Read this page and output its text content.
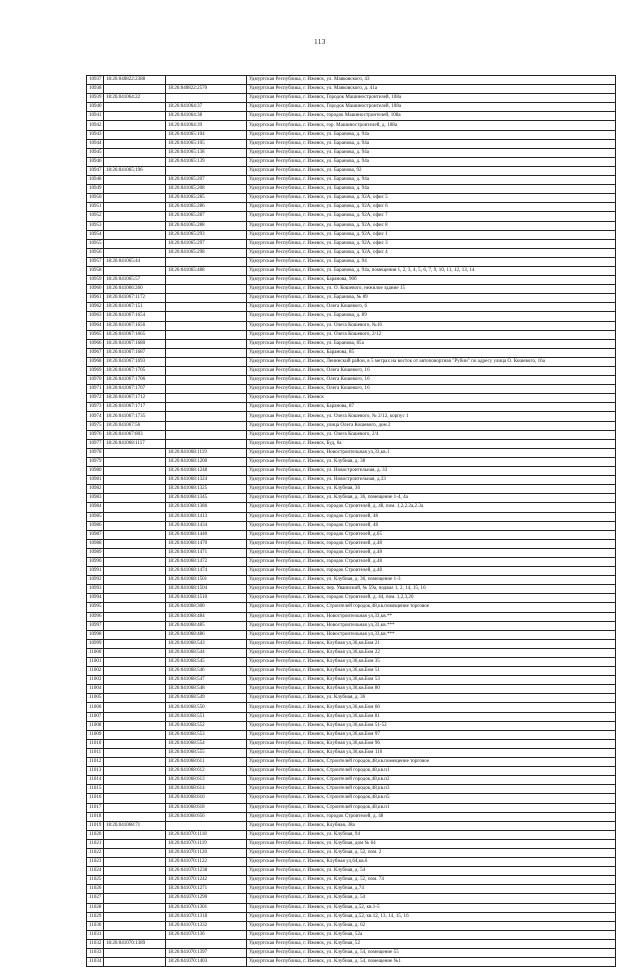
113
10937	18:26:040822:2388		Удмуртская Республика, г. Ижевск, ул. Маяковского, 43
10938		18:26:040822:2570	Удмуртская Республика, г. Ижевск, ул. Маяковского, д. 41а
10939	18:26:041064:22		Удмуртская Республика, г. Ижевск, Городок Машиностроителей, 108а
10940		18:26:041064:37	Удмуртская Республика, г. Ижевск, Городок Машиностроителей, 108а
10941		18:26:041064:38	Удмуртская Республика, г. Ижевск, городок Машиностроителей, 108а
10942		18:26:041064:39	Удмуртская Республика, г. Ижевск, гор. Машиностроителей, д. 108а
10943		18:26:041065:104	Удмуртская Республика, г. Ижевск, ул. Баранова, д. 94а
10944		18:26:041065:105	Удмуртская Республика, г. Ижевск, ул. Баранова, д. 94а
10945		18:26:041065:138	Удмуртская Республика, г. Ижевск, ул. Баранова, д. 94а
10946		18:26:041065:139	Удмуртская Республика, г. Ижевск, ул. Баранова, д. 94а
10947	18:26:041065:196		Удмуртская Республика, г. Ижевск, ул. Баранова, 92
10948		18:26:041065:207	Удмуртская Республика, г. Ижевск, ул. Баранова, д. 94а
10949		18:26:041065:208	Удмуртская Республика, г. Ижевск, ул. Баранова, д. 94а
10950		18:26:041065:285	Удмуртская Республика, г. Ижевск, ул. Баранова, д. 92А, офис 5
10951		18:26:041065:286	Удмуртская Республика, г. Ижевск, ул. Баранова, д. 92А, офис 6
10952		18:26:041065:287	Удмуртская Республика, г. Ижевск, ул. Баранова, д. 92А, офис 7
10953		18:26:041065:288	Удмуртская Республика, г. Ижевск, ул. Баранова, д. 92А, офис 8
10954		18:26:041065:293	Удмуртская Республика, г. Ижевск, ул. Баранова, д. 92А, офис 1
10955		18:26:041065:297	Удмуртская Республика, г. Ижевск, ул. Баранова, д. 92А, офис 3
10956		18:26:041065:298	Удмуртская Республика, г. Ижевск, ул. Баранова, д. 92А, офис 4
10957	18:26:041065:44		Удмуртская Республика, г. Ижевск, ул. Баранова, д. 94
10958		18:26:041065:488	Удмуртская Республика, г. Ижевск, ул. Баранова, д. 94а, помещения 1, 2, 3, 4, 5, 6, 7, 9, 10, 11, 12, 13, 14
10959	18:26:041065:57		Удмуртская Республика, г. Ижевск, Баранова, 90б
10960	18:26:041066:260		Удмуртская Республика, г. Ижевск, ул. О. Кошевого, нежилое здание 15
10961	18:26:041067:1172		Удмуртская Республика, г. Ижевск, ул. Баранова, № 89
10962	18:26:041067:151		Удмуртская Республика, г. Ижевск, Олега Кошевого, 6
10963	18:26:041067:1654		Удмуртская Республика, г. Ижевск, ул. Баранова, д. 89
10964	18:26:041067:1656		Удмуртская Республика, г. Ижевск, ул. Олега Кошевого, №16
10965	18:26:041067:1665		Удмуртская Республика, г. Ижевск, ул. Олега Кошевого, 2/12
10966	18:26:041067:1680		Удмуртская Республика, г. Ижевск, ул. Баранова, 85а
10967	18:26:041067:1687		Удмуртская Республика, г. Ижевск, Баранова, 85
10968	18:26:041067:1693		Удмуртская Республика, г. Ижевск, Ленинский район, в 5 метрах на восток от автоповортная "Рубин" по адресу улица О. Кошевого, 16а
10969	18:26:041067:1705		Удмуртская Республика, г. Ижевск, Олега Кошевого, 16
10970	18:26:041067:1706		Удмуртская Республика, г. Ижевск, Олега Кошевого, 16
10971	18:26:041067:1707		Удмуртская Республика, г. Ижевск, Олега Кошевого, 16
10972	18:26:041067:1712		Удмуртская Республика, г. Ижевск
10973	18:26:041067:1717		Удмуртская Республика, г. Ижевск, Баранова, 87
10974	18:26:041067:1735		Удмуртская Республика, г. Ижевск, ул. Олега Кошевого, № 2/12, корпус 1
10975	18:26:041067:56		Удмуртская Республика, г. Ижевск, улица Олега Кошевого, дом 2
10976	18:26:041067:803		Удмуртская Республика, г. Ижевск, ул. Олега Кошевого, 2/4
10977	18:26:041068:1117		Удмуртская Республика, г. Ижевск, Буд, 6а
10978		18:26:041068:1119	Удмуртская Республика, г. Ижевск, Новостроительная ул,33,кв.1
10979		18:26:041068:1200	Удмуртская Республика, г. Ижевск, ул. Клубная, д. 38
10980		18:26:041068:1248	Удмуртская Республика, г. Ижевск, ул. Новостроительная, д. 33
10981		18:26:041068:1324	Удмуртская Республика, г. Ижевск, ул. Новостроительная, д.33
10982		18:26:041068:1325	Удмуртская Республика, г. Ижевск, ул. Клубная, 36
10983		18:26:041068:1345	Удмуртская Республика, г. Ижевск, ул. Клубная, д. 36, помещение 1-4, 4а
10984		18:26:041068:1386	Удмуртская Республика, г. Ижевск, городок Строителей, д. 48, пом. 1,2,2.2а,2.3а
10985		18:26:041068:1413	Удмуртская Республика, г. Ижевск, городок Строителей, 48
10986		18:26:041068:1434	Удмуртская Республика, г. Ижевск, городок Строителей, 48
10987		18:26:041068:1440	Удмуртская Республика, г. Ижевск, городок Строителей, д.65
10988		18:26:041068:1470	Удмуртская Республика, г. Ижевск, городок Строителей, д.48
10989		18:26:041068:1471	Удмуртская Республика, г. Ижевск, городок Строителей, д.48
10990		18:26:041068:1472	Удмуртская Республика, г. Ижевск, городок Строителей, д.48
10991		18:26:041068:1474	Удмуртская Республика, г. Ижевск, городок Строителей, д.48
10992		18:26:041068:1501	Удмуртская Республика, г. Ижевск, ул. Клубная, д. 36, помещение 1-3
10993		18:26:041068:1504	Удмуртская Республика, г. Ижевск, пер. Уваинский, № 59а, подвал 1, 2, 14, 15, 16
10994		18:26:041068:1510	Удмуртская Республика, г. Ижевск, городок Строителей, д. 44, пом. 1,2,3,20
10995		18:26:041068:300	Удмуртская Республика, г. Ижевск, Строителей городок,48,кв.помещение торговое
10996		18:26:041068:484	Удмуртская Республика, г. Ижевск, Новостроительная ул,33,кв.**
10997		18:26:041068:485	Удмуртская Республика, г. Ижевск, Новостроительная ул,33,кв.***
10998		18:26:041068:486	Удмуртская Республика, г. Ижевск, Новостроительная ул,33,кв.***
10999		18:26:041068:543	Удмуртская Республика, г. Ижевск, Клубная ул,36,кв.Бом 21
11000		18:26:041068:544	Удмуртская Республика, г. Ижевск, Клубная ул,36,кв.Бом 22
11001		18:26:041068:545	Удмуртская Республика, г. Ижевск, Клубная ул,36,кв.Бом 35
11002		18:26:041068:546	Удмуртская Республика, г. Ижевск, Клубная ул,36,кв.Бом 51
11003		18:26:041068:547	Удмуртская Республика, г. Ижевск, Клубная ул,36,кв.Бом 53
11004		18:26:041068:548	Удмуртская Республика, г. Ижевск, Клубная ул,36,кв.Бом 80
11005		18:26:041068:549	Удмуртская Республика, г. Ижевск, ул. Клубная, д. 36
11006		18:26:041068:550	Удмуртская Республика, г. Ижевск, Клубная ул,36,кв.Бом 60
11007		18:26:041068:551	Удмуртская Республика, г. Ижевск, Клубная ул,36,кв.Бом 81
11008		18:26:041068:552	Удмуртская Республика, г. Ижевск, Клубная ул,36,кв.Бом 51-52
11009		18:26:041068:553	Удмуртская Республика, г. Ижевск, Клубная ул,36,кв.Бом 97
11010		18:26:041068:554	Удмуртская Республика, г. Ижевск, Клубная ул,36,кв.Бом 96
11011		18:26:041068:555	Удмуртская Республика, г. Ижевск, Клубная ул,36,кв.Бом 110
11012		18:26:041068:611	Удмуртская Республика, г. Ижевск, Строителей городок,48,кв.помещение торговое
11013		18:26:041068:612	Удмуртская Республика, г. Ижевск, Строителей городок,48,кв.п1
11014		18:26:041068:613	Удмуртская Республика, г. Ижевск, Строителей городок,48,кв.п2
11015		18:26:041068:614	Удмуртская Республика, г. Ижевск, Строителей городок,48,кв.п3
11016		18:26:041068:616	Удмуртская Республика, г. Ижевск, Строителей городок,48,кв.п5
11017		18:26:041068:618	Удмуртская Республика, г. Ижевск, Строителей городок,48,кв.п1
11018		18:26:041068:656	Удмуртская Республика, г. Ижевск, городок Строителей, д. 48
11019	18:26:041068:71		Удмуртская Республика, г. Ижевск, Клубная, 38а
11020		18:26:041070:1118	Удмуртская Республика, г. Ижевск, ул. Клубная, 94
11021		18:26:041070:1119	Удмуртская Республика, г. Ижевск, ул. Клубная, дом № 64
11022		18:26:041070:1120	Удмуртская Республика, г. Ижевск, ул. Клубная, д. 52, пом. 2
11023		18:26:041070:1122	Удмуртская Республика, г. Ижевск, Клубная ул,64,кв.6
11024		18:26:041070:1238	Удмуртская Республика, г. Ижевск, ул. Клубная, д. 54
11025		18:26:041070:1242	Удмуртская Республика, г. Ижевск, ул. Клубная, д. 52, пом. 74
11026		18:26:041070:1271	Удмуртская Республика, г. Ижевск, ул. Клубная, д.74
11027		18:26:041070:1290	Удмуртская Республика, г. Ижевск, ул. Клубная, д. 54
11028		18:26:041070:1301	Удмуртская Республика, г. Ижевск, ул. Клубная, д.52, кв.1-5
11029		18:26:041070:1318	Удмуртская Республика, г. Ижевск, ул. Клубная, д.52, кв.12, 13, 14, 15, 16
11030		18:26:041070:1332	Удмуртская Республика, г. Ижевск, ул. Клубная, д. 62
11031		18:26:041070:136	Удмуртская Республика, г. Ижевск, ул. Клубная, 52а
11032	18:26:041070:1389		Удмуртская Республика, г. Ижевск, ул. Клубная, 52
11033		18:26:041070:1397	Удмуртская Республика, г. Ижевск, ул. Клубная, д. 54, помещение 55
11034		18:26:041070:1403	Удмуртская Республика, г. Ижевск, ул. Клубная, д. 54, помещение №1
